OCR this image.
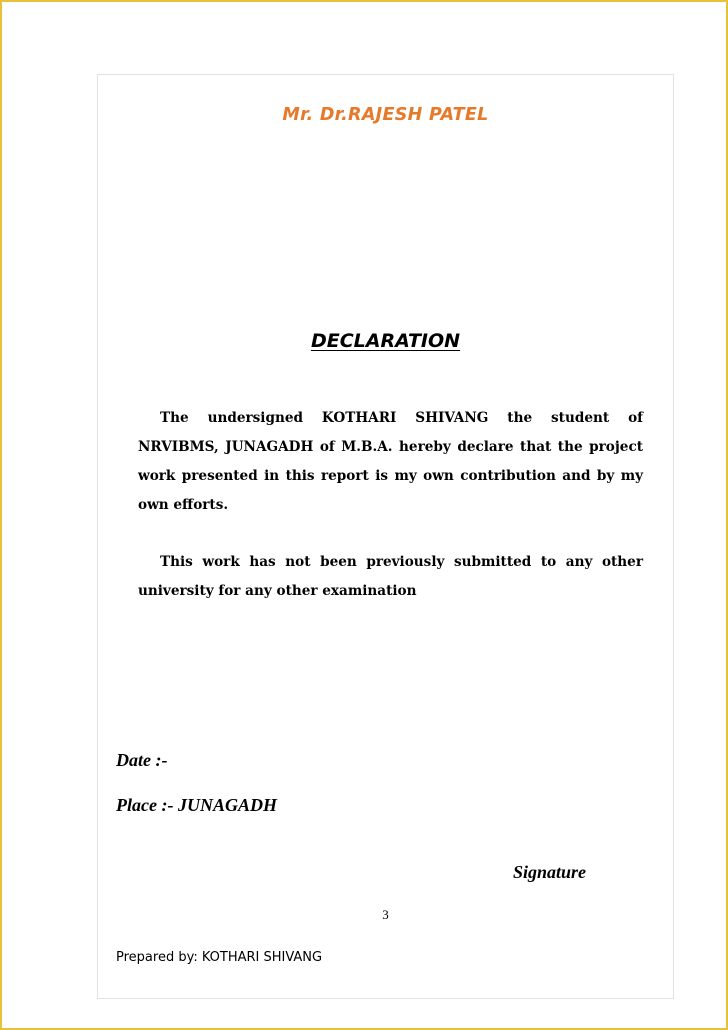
Mr. Dr.RAJESH PATEL
DECLARATION

The undersigned KOTHARI SHIVANG the student of NRVIBMS, JUNAGADH of M.B.A. hereby declare that the project work presented in this report is my own contribution and by my own efforts.

This work has not been previously submitted to any other university for any other examination

Date :-
Place :- JUNAGADH
Signature
3
Prepared by: KOTHARI SHIVANG
